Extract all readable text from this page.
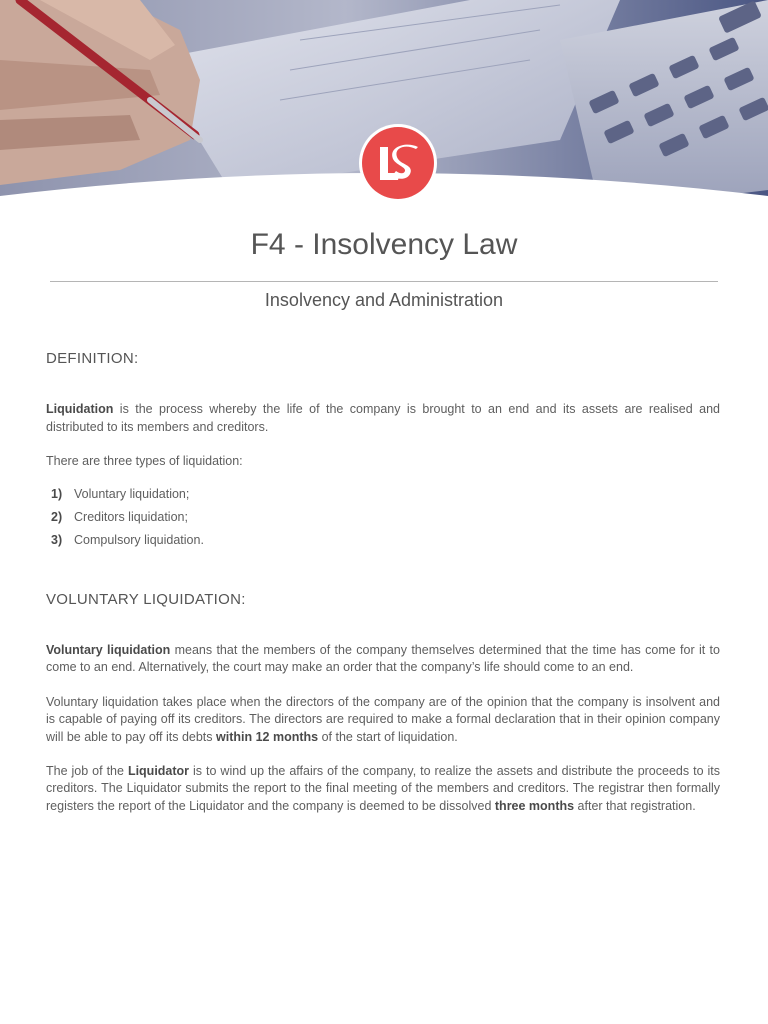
F4 - Insolvency Law
Insolvency and Administration
DEFINITION:

Liquidation is the process whereby the life of the company is brought to an end and its assets are realised and distributed to its members and creditors.

There are three types of liquidation:

1) Voluntary liquidation;
2) Creditors liquidation;
3) Compulsory liquidation.
VOLUNTARY LIQUIDATION:

Voluntary liquidation means that the members of the company themselves determined that the time has come for it to come to an end. Alternatively, the court may make an order that the company’s life should come to an end.

Voluntary liquidation takes place when the directors of the company are of the opinion that the company is insolvent and is capable of paying off its creditors. The directors are required to make a formal declaration that in their opinion company will be able to pay off its debts within 12 months of the start of liquidation.

The job of the Liquidator is to wind up the affairs of the company, to realize the assets and distribute the proceeds to its creditors. The Liquidator submits the report to the final meeting of the members and creditors. The registrar then formally registers the report of the Liquidator and the company is deemed to be dissolved three months after that registration.
